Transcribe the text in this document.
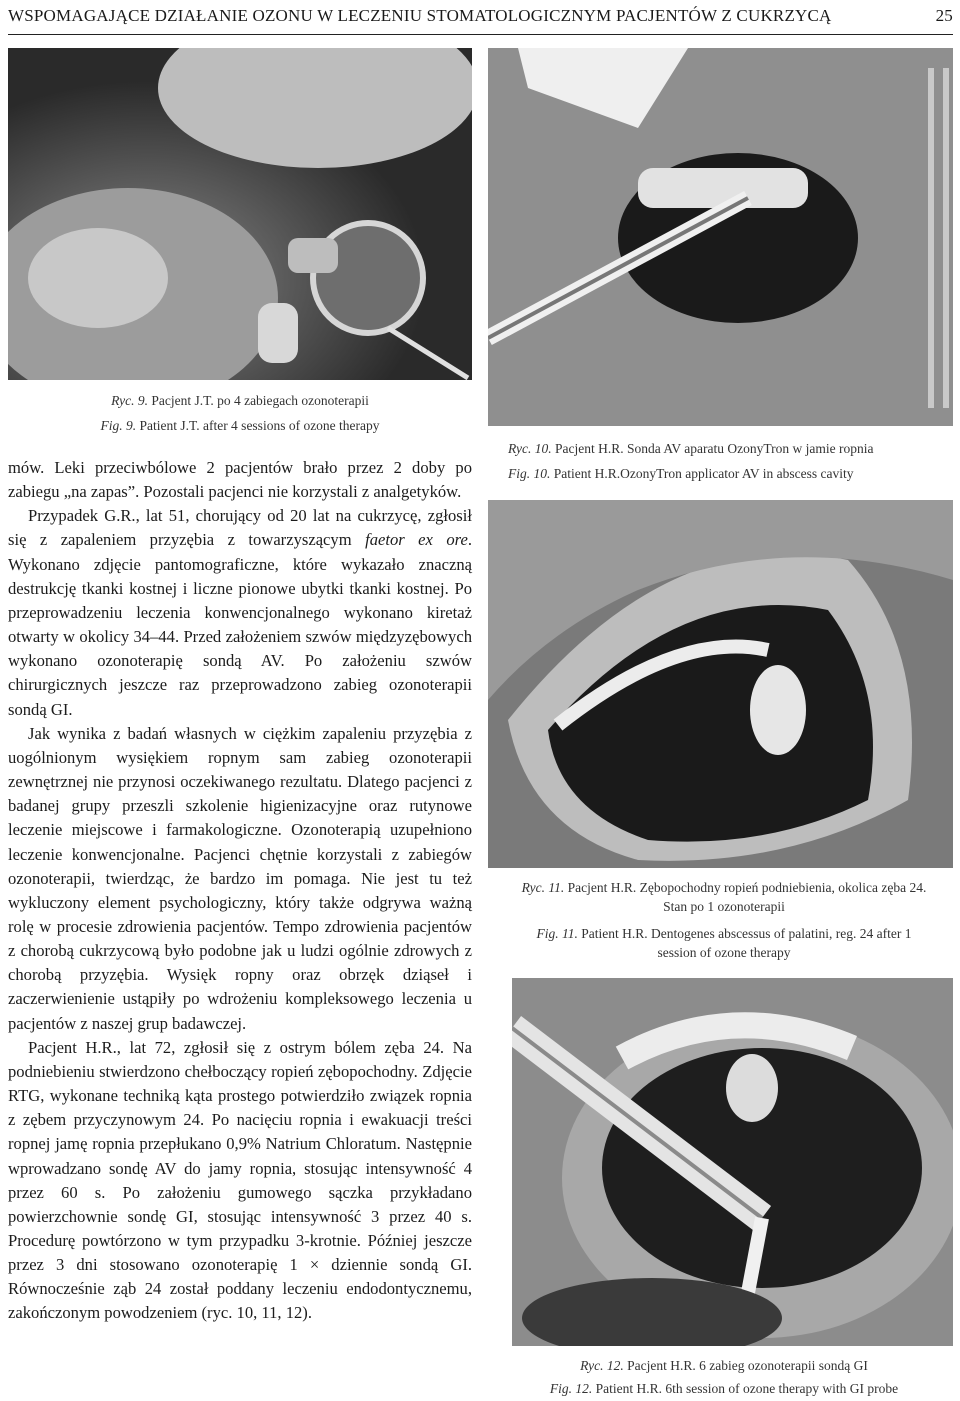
WSPOMAGAJĄCE DZIAŁANIE OZONU W LECZENIU STOMATOLOGICZNYM PACJENTÓW Z CUKRZYCĄ	25
Ryc. 9. Pacjent J.T. po 4 zabiegach ozonoterapii
Fig. 9. Patient J.T. after 4 sessions of ozone therapy
Ryc. 10. Pacjent H.R. Sonda AV aparatu OzonyTron w jamie ropnia
Fig. 10. Patient H.R.OzonyTron applicator AV in abscess cavity
Ryc. 11. Pacjent H.R. Zębopochodny ropień podniebienia, okolica zęba 24.
Stan po 1 ozonoterapii
Fig. 11. Patient H.R. Dentogenes abscessus of palatini, reg. 24 after 1
session of ozone therapy
Ryc. 12. Pacjent H.R. 6 zabieg ozonoterapii sondą GI
Fig. 12. Patient H.R. 6th session of ozone therapy with GI probe

mów. Leki przeciwbólowe 2 pacjentów brało przez 2 doby po zabiegu „na zapas”. Pozostali pacjenci nie korzystali z analgetyków.

Przypadek G.R., lat 51, chorujący od 20 lat na cukrzycę, zgłosił się z zapaleniem przyzębia z towarzyszącym faetor ex ore. Wykonano zdjęcie pantomograficzne, które wykazało znaczną destrukcję tkanki kostnej i liczne pionowe ubytki tkanki kostnej. Po przeprowadzeniu leczenia konwencjonalnego wykonano kiretaż otwarty w okolicy 34–44. Przed założeniem szwów międzyzębowych wykonano ozonoterapię sondą AV. Po założeniu szwów chirurgicznych jeszcze raz przeprowadzono zabieg ozonoterapii sondą GI.

Jak wynika z badań własnych w ciężkim zapaleniu przyzębia z uogólnionym wysiękiem ropnym sam zabieg ozonoterapii zewnętrznej nie przynosi oczekiwanego rezultatu. Dlatego pacjenci z badanej grupy przeszli szkolenie higienizacyjne oraz rutynowe leczenie miejscowe i farmakologiczne. Ozonoterapią uzupełniono leczenie konwencjonalne. Pacjenci chętnie korzystali z zabiegów ozonoterapii, twierdząc, że bardzo im pomaga. Nie jest tu też wykluczony element psychologiczny, który także odgrywa ważną rolę w procesie zdrowienia pacjentów. Tempo zdrowienia pacjentów z chorobą cukrzycową było podobne jak u ludzi ogólnie zdrowych z chorobą przyzębia. Wysięk ropny oraz obrzęk dziąseł i zaczerwienienie ustąpiły po wdrożeniu kompleksowego leczenia u pacjentów z naszej grup badawczej.

Pacjent H.R., lat 72, zgłosił się z ostrym bólem zęba 24. Na podniebieniu stwierdzono chełboczący ropień zębopochodny. Zdjęcie RTG, wykonane techniką kąta prostego potwierdziło związek ropnia z zębem przyczynowym 24. Po nacięciu ropnia i ewakuacji treści ropnej jamę ropnia przepłukano 0,9% Natrium Chloratum. Następnie wprowadzano sondę AV do jamy ropnia, stosując intensywność 4 przez 60 s. Po założeniu gumowego sączka przykładano powierzchownie sondę GI, stosując intensywność 3 przez 40 s. Procedurę powtórzono w tym przypadku 3-krotnie. Później jeszcze przez 3 dni stosowano ozonoterapię 1 × dziennie sondą GI. Równocześnie ząb 24 został poddany leczeniu endodontycznemu, zakończonym powodzeniem (ryc. 10, 11, 12).
